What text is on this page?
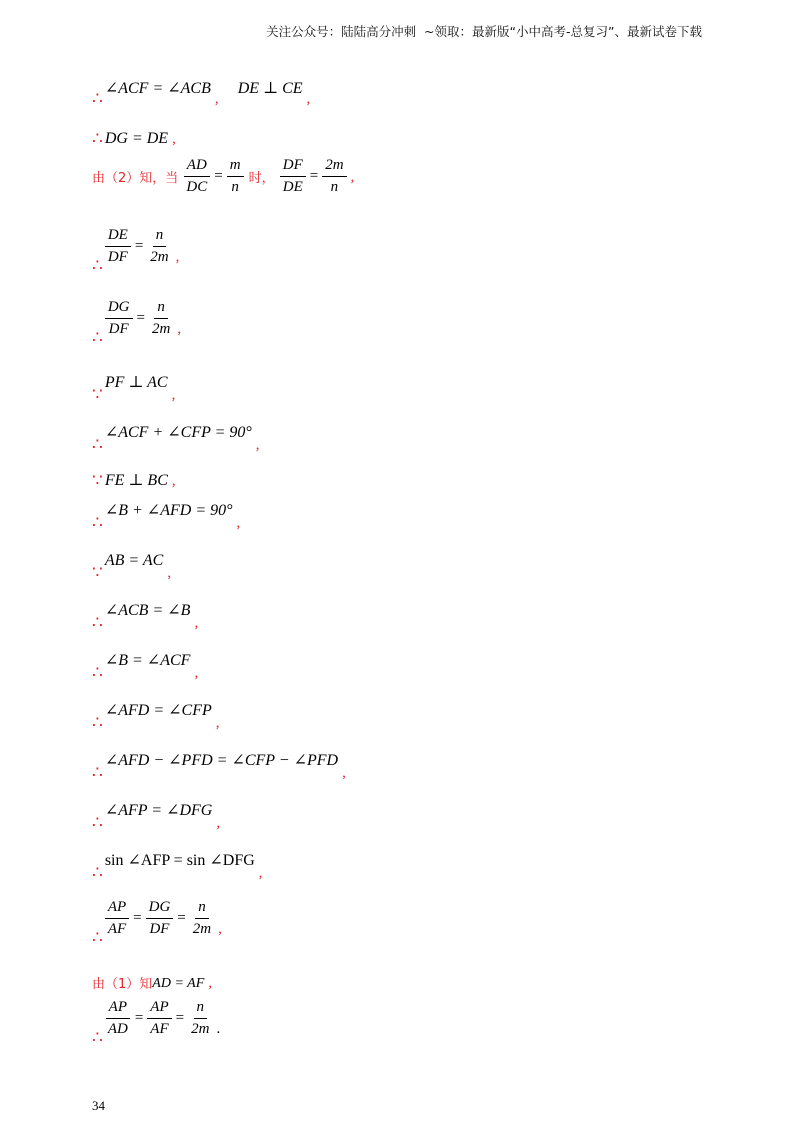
关注公众号：陆陆高分冲刺  ~领取：最新版“小中高考-总复习”、最新试卷下载
∴∠ACF = ∠ACB, DE ⊥ CE,
∴ DG = DE ,
由（2）知，当 $\frac{AD}{DC} = \frac{m}{n}$ 时， $\frac{DF}{DE} = \frac{2m}{n}$ ,
∴
$\frac{DE}{DF} = \frac{n}{2m}$ ,
∴
$\frac{DG}{DF} = \frac{n}{2m}$ ,
∵PF ⊥ AC,
∴∠ACF + ∠CFP = 90°,
∵ FE ⊥ BC ,
∴∠B + ∠AFD = 90°,
∵AB = AC,
∴∠ACB = ∠B,
∴∠B = ∠ACF,
∴∠AFD = ∠CFP,
∴∠AFD − ∠PFD = ∠CFP − ∠PFD,
∴∠AFP = ∠DFG,
∴sin ∠AFP = sin ∠DFG,
∴
$\frac{AP}{AF} = \frac{DG}{DF} = \frac{n}{2m}$ ,
由（1）知AD = AF ,
∴
$\frac{AP}{AD} = \frac{AP}{AF} = \frac{n}{2m}$ .
34
